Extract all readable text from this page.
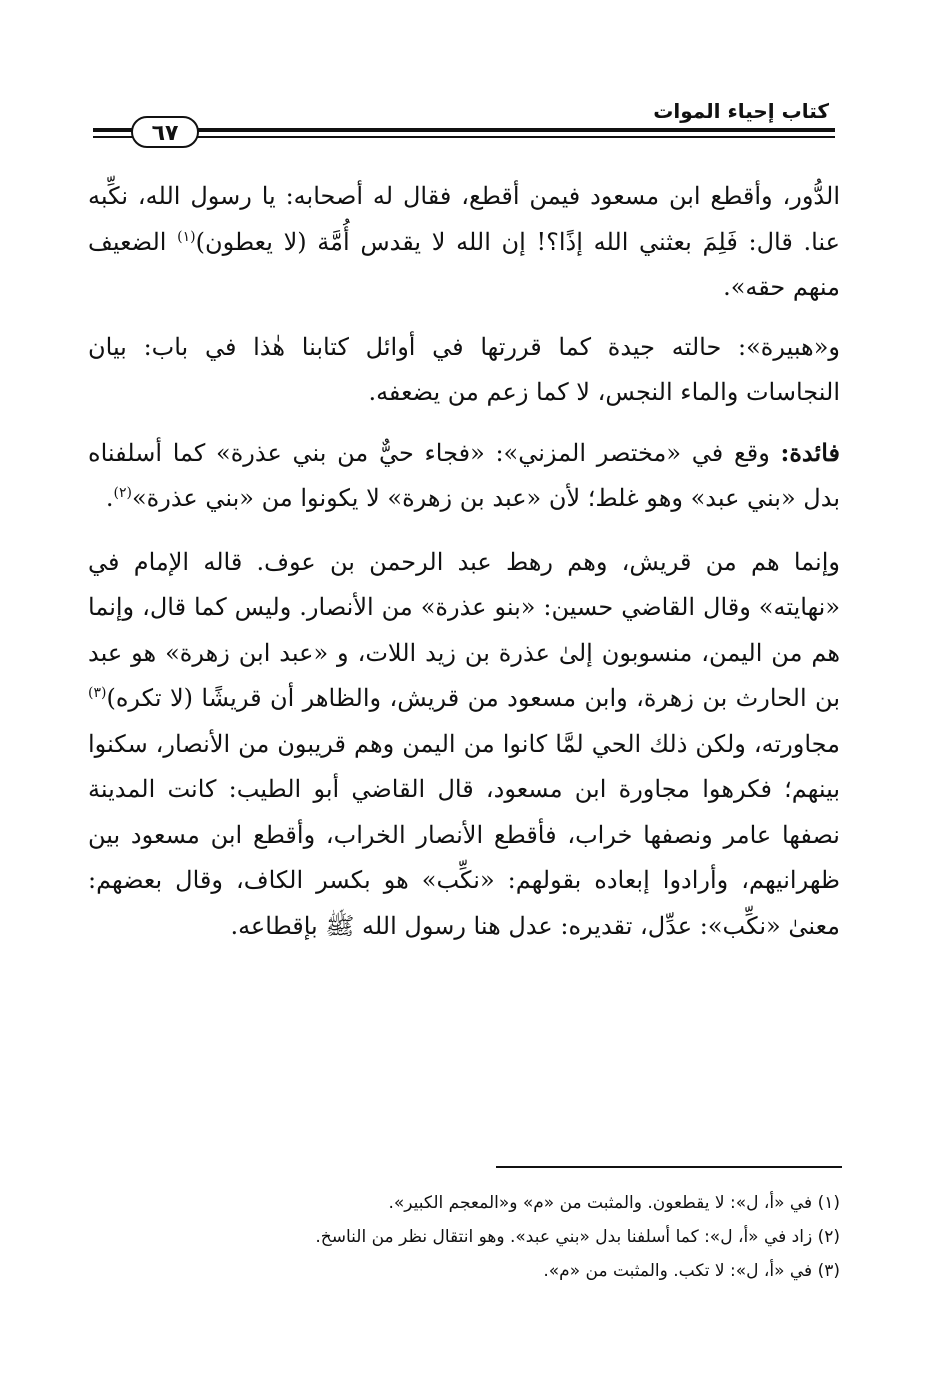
كتاب إحياء الموات
٦٧

الدُّور، وأقطع ابن مسعود فيمن أقطع، فقال له أصحابه: يا رسول الله، نكِّبه عنا. قال: فَلِمَ بعثني الله إذًا؟! إن الله لا يقدس أُمَّة (لا يعطون)$^{(١)}$ الضعيف منهم حقه».

و«هبيرة»: حالته جيدة كما قررتها في أوائل كتابنا هٰذا في باب: بيان النجاسات والماء النجس، لا كما زعم من يضعفه.

فائدة: وقع في «مختصر المزني»: «فجاء حيٌّ من بني عذرة» كما أسلفناه بدل «بني عبد» وهو غلط؛ لأن «عبد بن زهرة» لا يكونوا من «بني عذرة»$^{(٢)}$.

وإنما هم من قريش، وهم رهط عبد الرحمن بن عوف. قاله الإمام في «نهايته» وقال القاضي حسين: «بنو عذرة» من الأنصار. وليس كما قال، وإنما هم من اليمن، منسوبون إلىٰ عذرة بن زيد اللات، و «عبد ابن زهرة» هو عبد بن الحارث بن زهرة، وابن مسعود من قريش، والظاهر أن قريشًا (لا تكره)$^{(٣)}$ مجاورته، ولكن ذلك الحي لمَّا كانوا من اليمن وهم قريبون من الأنصار، سكنوا بينهم؛ فكرهوا مجاورة ابن مسعود، قال القاضي أبو الطيب: كانت المدينة نصفها عامر ونصفها خراب، فأقطع الأنصار الخراب، وأقطع ابن مسعود بين ظهرانيهم، وأرادوا إبعاده بقولهم: «نكِّب» هو بكسر الكاف، وقال بعضهم: معنىٰ «نكِّب»: عدِّل، تقديره: عدل هنا رسول الله ﷺ بإقطاعه.

(١) في «أ، ل»: لا يقطعون. والمثبت من «م» و«المعجم الكبير».

(٢) زاد في «أ، ل»: كما أسلفنا بدل «بني عبد». وهو انتقال نظر من الناسخ.

(٣) في «أ، ل»: لا تكب. والمثبت من «م».
